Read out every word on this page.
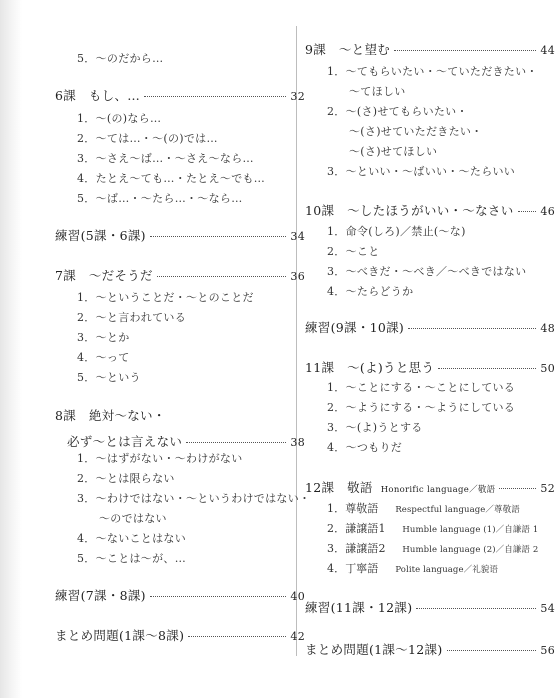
5．～のだから…
6課　もし、…	32
1．～(の)なら…
2．～ては…・～(の)では…
3．～さえ～ば…・～さえ～なら…
4．たとえ～ても…・たとえ～でも…
5．～ば…・～たら…・～なら…
練習(5課・6課)	34
7課　～だそうだ	36
1．～ということだ・～とのことだ
2．～と言われている
3．～とか
4．～って
5．～という
8課　絶対～ない・
必ず～とは言えない	38
1．～はずがない・～わけがない
2．～とは限らない
3．～わけではない・～というわけではない・
～のではない
4．～ないことはない
5．～ことは～が、…
練習(7課・8課)	40
まとめ問題(1課～8課)	42
9課　～と望む	44
1．～てもらいたい・～ていただきたい・
～てほしい
2．～(さ)せてもらいたい・
～(さ)せていただきたい・
～(さ)せてほしい
3．～といい・～ばいい・～たらいい
10課　～したほうがいい・～なさい 46
1．命令(しろ)／禁止(～な)
2．～こと
3．～べきだ・～べき／～べきではない
4．～たらどうか
練習(9課・10課)	48
11課　～(よ)うと思う	50
1．～ことにする・～ことにしている
2．～ようにする・～ようにしている
3．～(よ)うとする
4．～つもりだ
12課　敬語 Honorific language／敬語	52
1．尊敬語 Respectful language／尊敬語
2．謙譲語1 Humble language (1)／自謙語 1
3．謙譲語2 Humble language (2)／自謙語 2
4．丁寧語 Polite language／礼貌语
練習(11課・12課)	54
まとめ問題(1課～12課)	56
